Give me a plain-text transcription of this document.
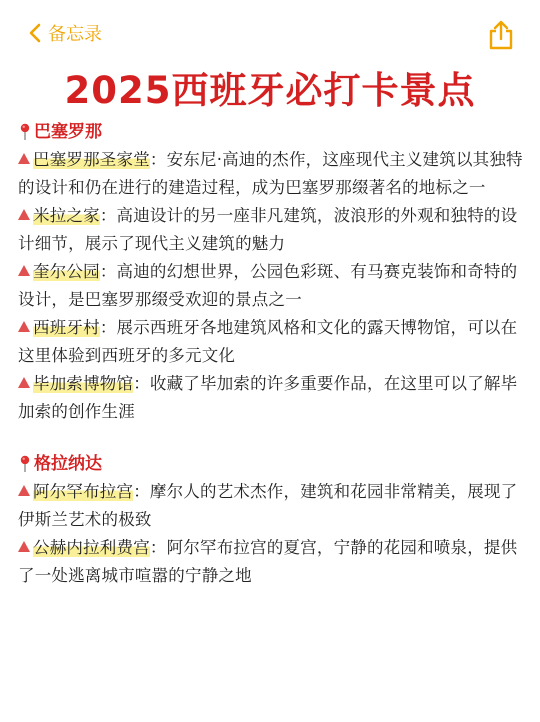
备忘录
2025西班牙必打卡景点
巴塞罗那
巴塞罗那圣家堂：安东尼·高迪的杰作，这座现代主义建筑以其独特的设计和仍在进行的建造过程，成为巴塞罗那缀著名的地标之一
米拉之家：高迪设计的另一座非凡建筑，波浪形的外观和独特的设计细节，展示了现代主义建筑的魅力
奎尔公园：高迪的幻想世界，公园色彩斑、有马赛克装饰和奇特的设计，是巴塞罗那缀受欢迎的景点之一
西班牙村：展示西班牙各地建筑风格和文化的露天博物馆，可以在这里体验到西班牙的多元文化
毕加索博物馆：收藏了毕加索的许多重要作品，在这里可以了解毕加索的创作生涯
格拉纳达
阿尔罕布拉宫：摩尔人的艺术杰作，建筑和花园非常精美，展现了伊斯兰艺术的极致
公赫内拉利费宫：阿尔罕布拉宫的夏宫，宁静的花园和喷泉，提供了一处逃离城市喧嚣的宁静之地
